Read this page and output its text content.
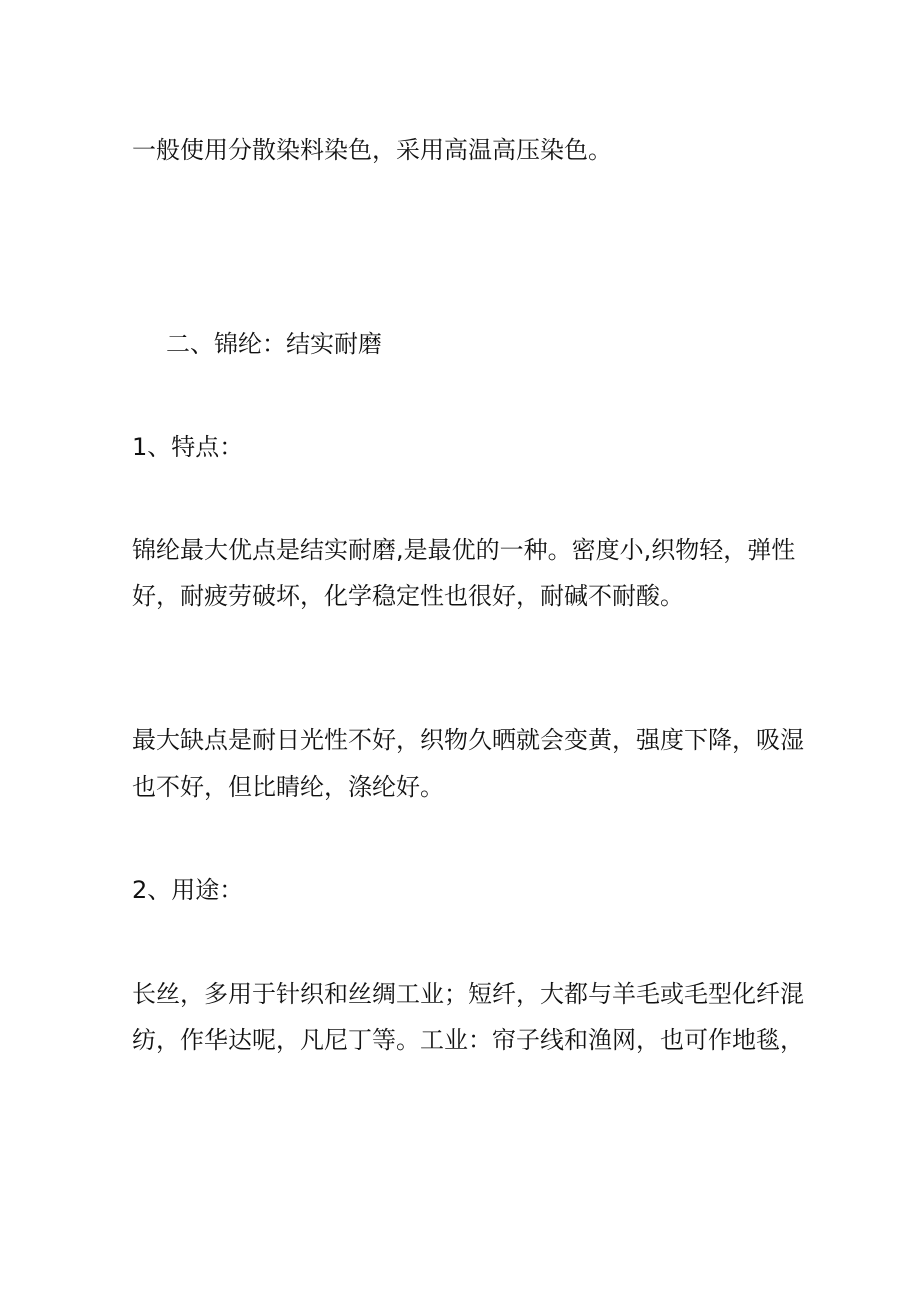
一般使用分散染料染色，采用高温高压染色。

二、锦纶：结实耐磨
1、特点：

锦纶最大优点是结实耐磨,是最优的一种。密度小,织物轻，弹性

好，耐疲劳破坏，化学稳定性也很好，耐碱不耐酸。

最大缺点是耐日光性不好，织物久晒就会变黄，强度下降，吸湿

也不好，但比睛纶，涤纶好。

2、用途：

长丝，多用于针织和丝绸工业；短纤，大都与羊毛或毛型化纤混

纺，作华达呢，凡尼丁等。工业：帘子线和渔网，也可作地毯，
